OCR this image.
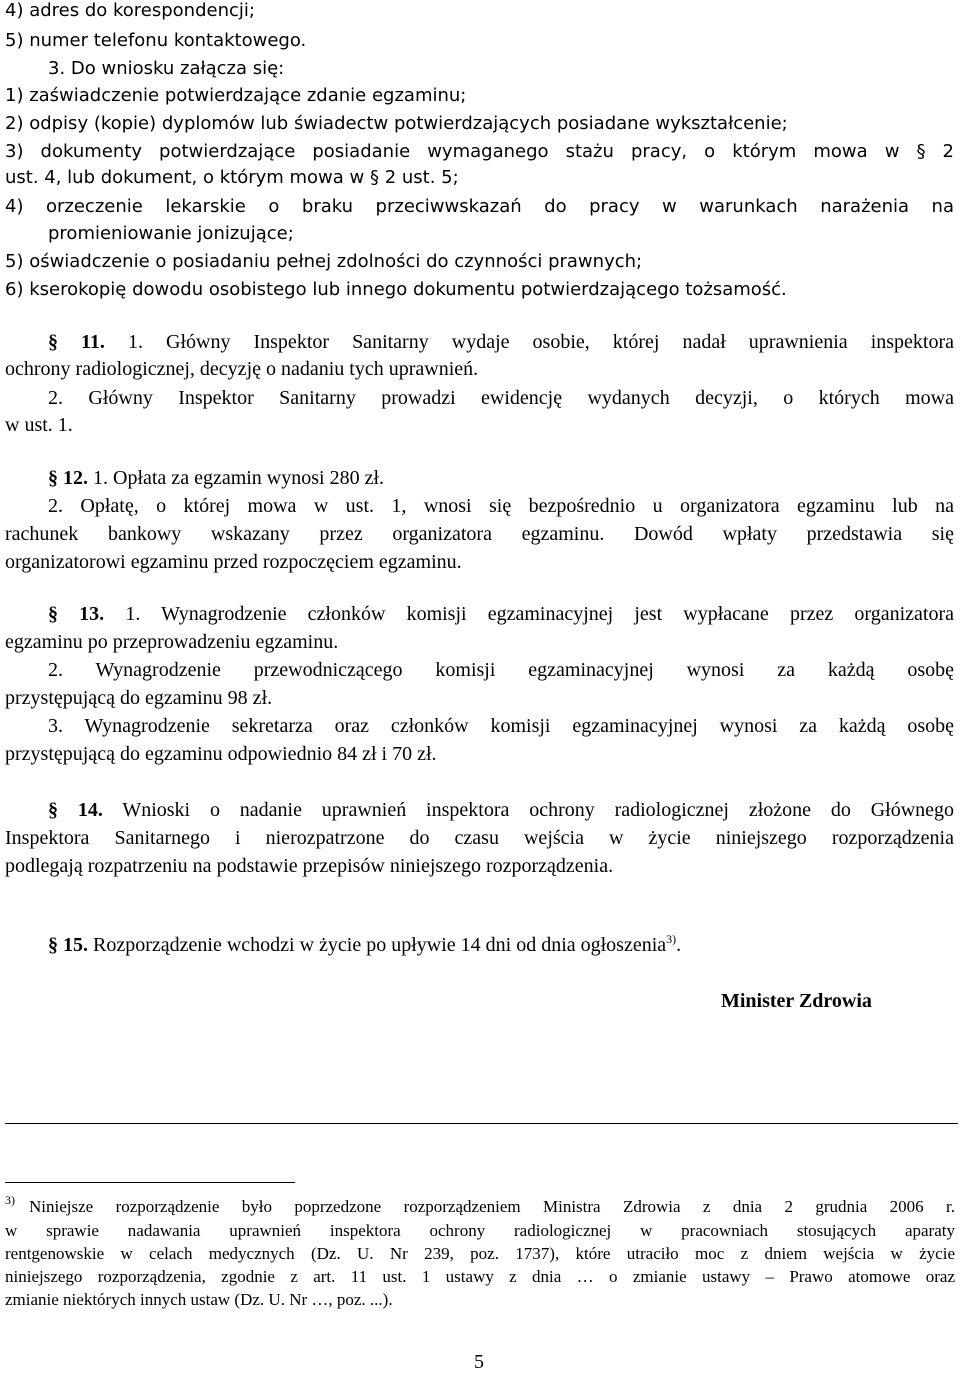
4) adres do korespondencji;
5) numer telefonu kontaktowego.
3. Do wniosku załącza się:
1) zaświadczenie potwierdzające zdanie egzaminu;
2) odpisy (kopie) dyplomów lub świadectw potwierdzających posiadane wykształcenie;
3) dokumenty potwierdzające posiadanie wymaganego stażu pracy, o którym mowa w § 2
ust. 4, lub dokument, o którym mowa w § 2 ust. 5;
4) orzeczenie lekarskie o braku przeciwwskazań do pracy w warunkach narażenia na
promieniowanie jonizujące;
5) oświadczenie o posiadaniu pełnej zdolności do czynności prawnych;
6) kserokopię dowodu osobistego lub innego dokumentu potwierdzającego tożsamość.
§ 11. 1. Główny Inspektor Sanitarny wydaje osobie, której nadał uprawnienia inspektora
ochrony radiologicznej, decyzję o nadaniu tych uprawnień.
2. Główny Inspektor Sanitarny prowadzi ewidencję wydanych decyzji, o których mowa
w ust. 1.
§ 12. 1. Opłata za egzamin wynosi 280 zł.
2. Opłatę, o której mowa w ust. 1, wnosi się bezpośrednio u organizatora egzaminu lub na
rachunek bankowy wskazany przez organizatora egzaminu. Dowód wpłaty przedstawia się
organizatorowi egzaminu przed rozpoczęciem egzaminu.
§ 13. 1. Wynagrodzenie członków komisji egzaminacyjnej jest wypłacane przez organizatora
egzaminu po przeprowadzeniu egzaminu.
2. Wynagrodzenie przewodniczącego komisji egzaminacyjnej wynosi za każdą osobę
przystępującą do egzaminu 98 zł.
3. Wynagrodzenie sekretarza oraz członków komisji egzaminacyjnej wynosi za każdą osobę
przystępującą do egzaminu odpowiednio 84 zł i 70 zł.
§ 14. Wnioski o nadanie uprawnień inspektora ochrony radiologicznej złożone do Głównego
Inspektora Sanitarnego i nierozpatrzone do czasu wejścia w życie niniejszego rozporządzenia
podlegają rozpatrzeniu na podstawie przepisów niniejszego rozporządzenia.
§ 15. Rozporządzenie wchodzi w życie po upływie 14 dni od dnia ogłoszenia$^{3)}$.
Minister Zdrowia
$^{3)}$ Niniejsze rozporządzenie było poprzedzone rozporządzeniem Ministra Zdrowia z dnia 2 grudnia 2006 r.
w sprawie nadawania uprawnień inspektora ochrony radiologicznej w pracowniach stosujących aparaty
rentgenowskie w celach medycznych (Dz. U. Nr 239, poz. 1737), które utraciło moc z dniem wejścia w życie
niniejszego rozporządzenia, zgodnie z art. 11 ust. 1 ustawy z dnia … o zmianie ustawy – Prawo atomowe oraz
zmianie niektórych innych ustaw (Dz. U. Nr …, poz. ...).
5
